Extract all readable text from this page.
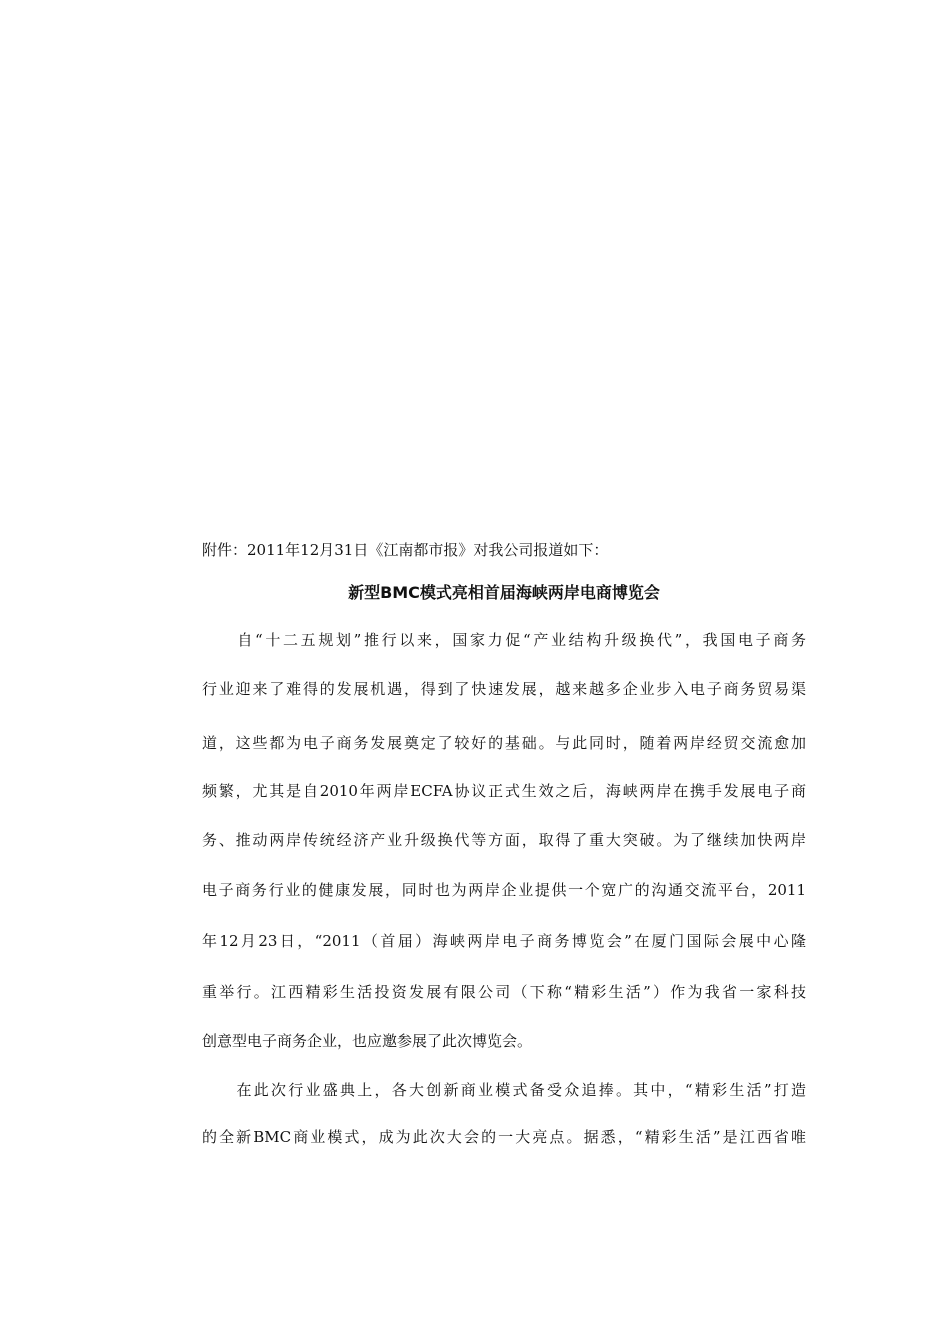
附件：2011年12月31日《江南都市报》对我公司报道如下：
新型BMC模式亮相首届海峡两岸电商博览会
　　自“十二五规划”推行以来，国家力促“产业结构升级换代”，我国电子商务
行业迎来了难得的发展机遇，得到了快速发展，越来越多企业步入电子商务贸易渠
道，这些都为电子商务发展奠定了较好的基础。与此同时，随着两岸经贸交流愈加
频繁，尤其是自2010年两岸ECFA协议正式生效之后，海峡两岸在携手发展电子商
务、推动两岸传统经济产业升级换代等方面，取得了重大突破。为了继续加快两岸
电子商务行业的健康发展，同时也为两岸企业提供一个宽广的沟通交流平台，2011
年12月23日，“2011（首届）海峡两岸电子商务博览会”在厦门国际会展中心隆
重举行。江西精彩生活投资发展有限公司（下称“精彩生活”）作为我省一家科技
创意型电子商务企业，也应邀参展了此次博览会。
　　在此次行业盛典上，各大创新商业模式备受众追捧。其中，“精彩生活”打造
的全新BMC商业模式，成为此次大会的一大亮点。据悉，“精彩生活”是江西省唯
